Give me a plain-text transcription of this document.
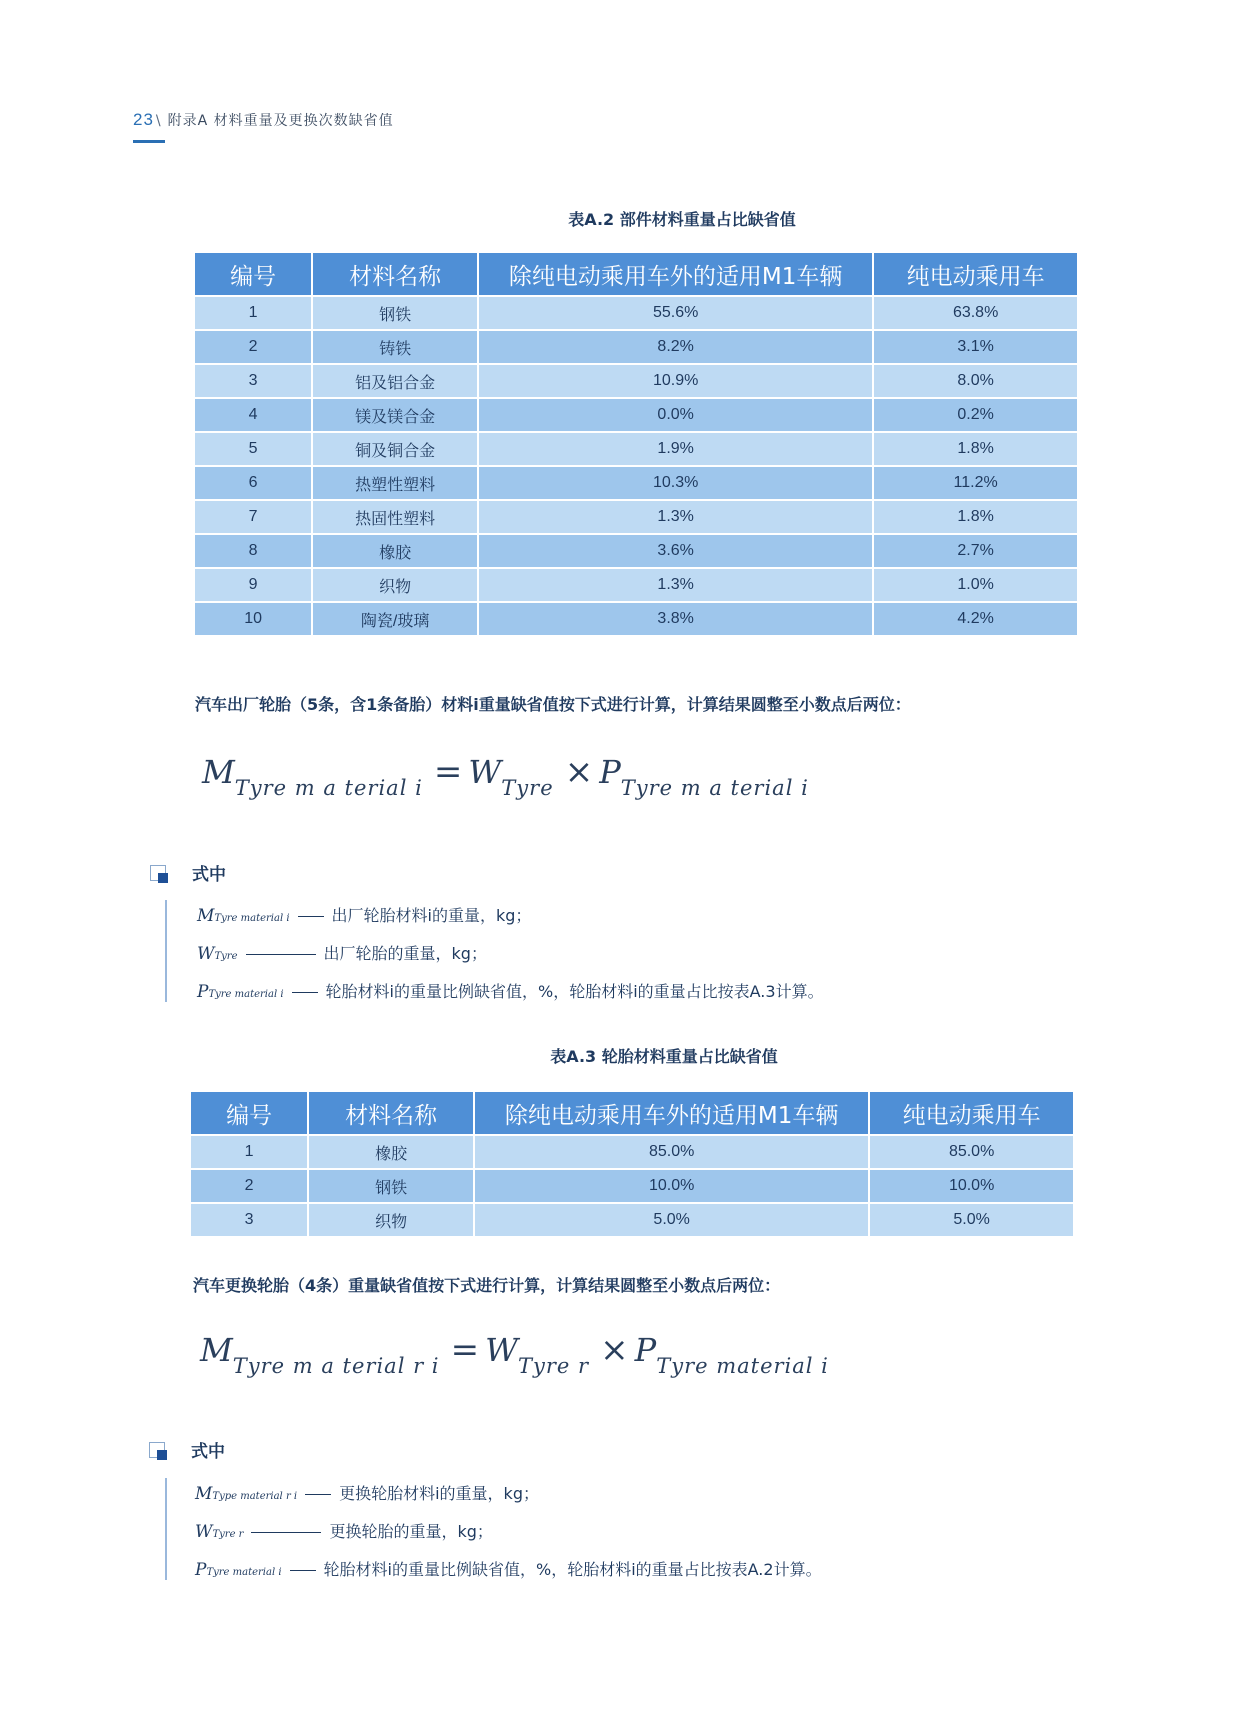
23 \ 附录A 材料重量及更换次数缺省值
表A.2 部件材料重量占比缺省值
编号	材料名称	除纯电动乘用车外的适用M1车辆	纯电动乘用车
1	钢铁	55.6%	63.8%
2	铸铁	8.2%	3.1%
3	铝及铝合金	10.9%	8.0%
4	镁及镁合金	0.0%	0.2%
5	铜及铜合金	1.9%	1.8%
6	热塑性塑料	10.3%	11.2%
7	热固性塑料	1.3%	1.8%
8	橡胶	3.6%	2.7%
9	织物	1.3%	1.0%
10	陶瓷/玻璃	3.8%	4.2%
汽车出厂轮胎（5条，含1条备胎）材料i重量缺省值按下式进行计算，计算结果圆整至小数点后两位：
MTyre m a terial i = WTyre × PTyre m a terial i
式中
MTyre material i	出厂轮胎材料i的重量，kg；
WTyre	出厂轮胎的重量，kg；
PTyre material i	轮胎材料i的重量比例缺省值，%，轮胎材料i的重量占比按表A.3计算。
表A.3 轮胎材料重量占比缺省值
编号	材料名称	除纯电动乘用车外的适用M1车辆	纯电动乘用车
1	橡胶	85.0%	85.0%
2	钢铁	10.0%	10.0%
3	织物	5.0%	5.0%
汽车更换轮胎（4条）重量缺省值按下式进行计算，计算结果圆整至小数点后两位：
MTyre m a terial r i = WTyre r × PTyre material i
式中
MType material r i	更换轮胎材料i的重量，kg；
WTyre r	更换轮胎的重量，kg；
PTyre material i	轮胎材料i的重量比例缺省值，%，轮胎材料i的重量占比按表A.2计算。
